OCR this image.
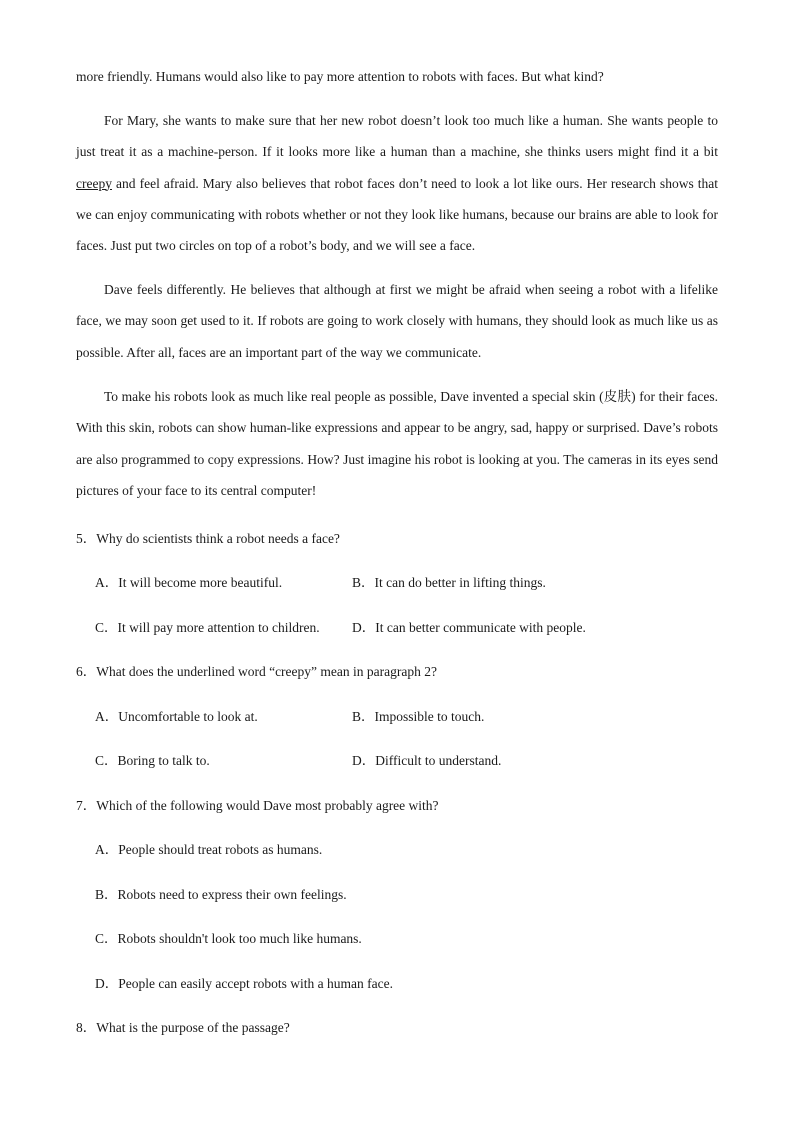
more friendly. Humans would also like to pay more attention to robots with faces. But what kind?

For Mary, she wants to make sure that her new robot doesn’t look too much like a human. She wants people to just treat it as a machine-person. If it looks more like a human than a machine, she thinks users might find it a bit creepy and feel afraid. Mary also believes that robot faces don’t need to look a lot like ours. Her research shows that we can enjoy communicating with robots whether or not they look like humans, because our brains are able to look for faces. Just put two circles on top of a robot’s body, and we will see a face.

Dave feels differently. He believes that although at first we might be afraid when seeing a robot with a lifelike face, we may soon get used to it. If robots are going to work closely with humans, they should look as much like us as possible. After all, faces are an important part of the way we communicate.

To make his robots look as much like real people as possible, Dave invented a special skin (皮肤) for their faces. With this skin, robots can show human-like expressions and appear to be angry, sad, happy or surprised. Dave’s robots are also programmed to copy expressions. How? Just imagine his robot is looking at you. The cameras in its eyes send pictures of your face to its central computer!

5．Why do scientists think a robot needs a face?
A．It will become more beautiful.	B．It can do better in lifting things.
C．It will pay more attention to children. D．It can better communicate with people.
6．What does the underlined word “creepy” mean in paragraph 2?
A．Uncomfortable to look at.	B．Impossible to touch.
C．Boring to talk to.	D．Difficult to understand.
7．Which of the following would Dave most probably agree with?
A．People should treat robots as humans.
B．Robots need to express their own feelings.
C．Robots shouldn't look too much like humans.
D．People can easily accept robots with a human face.
8．What is the purpose of the passage?
